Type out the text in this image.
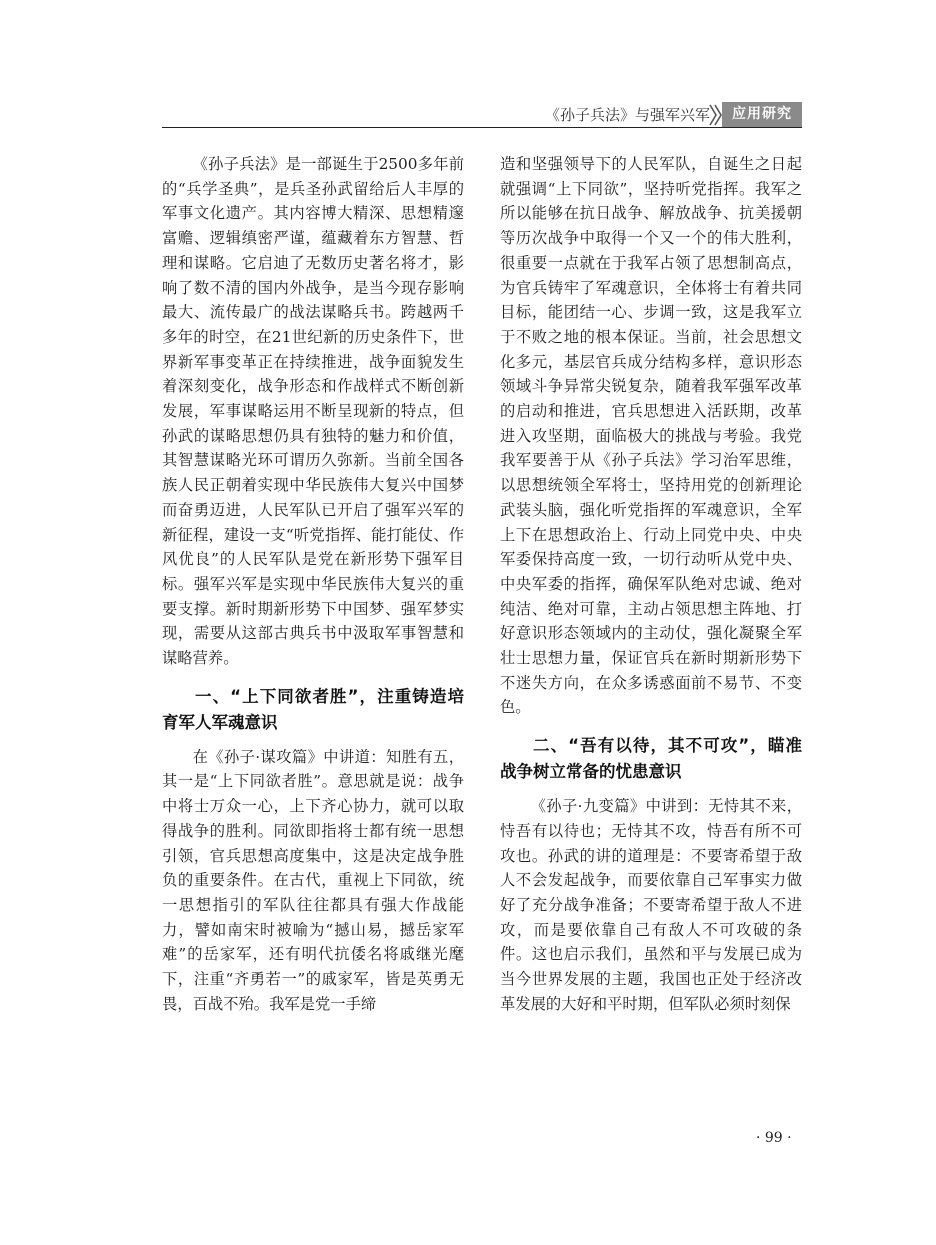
《孙子兵法》与强军兴军	应用研究

《孙子兵法》是一部诞生于2500多年前的“兵学圣典”，是兵圣孙武留给后人丰厚的军事文化遗产。其内容博大精深、思想精邃富赡、逻辑缜密严谨，蕴藏着东方智慧、哲理和谋略。它启迪了无数历史著名将才，影响了数不清的国内外战争，是当今现存影响最大、流传最广的战法谋略兵书。跨越两千多年的时空，在21世纪新的历史条件下，世界新军事变革正在持续推进，战争面貌发生着深刻变化，战争形态和作战样式不断创新发展，军事谋略运用不断呈现新的特点，但孙武的谋略思想仍具有独特的魅力和价值，其智慧谋略光环可谓历久弥新。当前全国各族人民正朝着实现中华民族伟大复兴中国梦而奋勇迈进，人民军队已开启了强军兴军的新征程，建设一支“听党指挥、能打能仗、作风优良”的人民军队是党在新形势下强军目标。强军兴军是实现中华民族伟大复兴的重要支撑。新时期新形势下中国梦、强军梦实现，需要从这部古典兵书中汲取军事智慧和谋略营养。

一、“上下同欲者胜”，注重铸造培育军人军魂意识

在《孙子·谋攻篇》中讲道：知胜有五，其一是“上下同欲者胜”。意思就是说：战争中将士万众一心，上下齐心协力，就可以取得战争的胜利。同欲即指将士都有统一思想引领，官兵思想高度集中，这是决定战争胜负的重要条件。在古代，重视上下同欲，统一思想指引的军队往往都具有强大作战能力，譬如南宋时被喻为“撼山易，撼岳家军难”的岳家军，还有明代抗倭名将戚继光麾下，注重“齐勇若一”的戚家军，皆是英勇无畏，百战不殆。我军是党一手缔

造和坚强领导下的人民军队，自诞生之日起就强调“上下同欲”，坚持听党指挥。我军之所以能够在抗日战争、解放战争、抗美援朝等历次战争中取得一个又一个的伟大胜利，很重要一点就在于我军占领了思想制高点，为官兵铸牢了军魂意识，全体将士有着共同目标，能团结一心、步调一致，这是我军立于不败之地的根本保证。当前，社会思想文化多元，基层官兵成分结构多样，意识形态领域斗争异常尖锐复杂，随着我军强军改革的启动和推进，官兵思想进入活跃期，改革进入攻坚期，面临极大的挑战与考验。我党我军要善于从《孙子兵法》学习治军思维，以思想统领全军将士，坚持用党的创新理论武装头脑，强化听党指挥的军魂意识，全军上下在思想政治上、行动上同党中央、中央军委保持高度一致，一切行动听从党中央、中央军委的指挥，确保军队绝对忠诚、绝对纯洁、绝对可靠，主动占领思想主阵地、打好意识形态领域内的主动仗，强化凝聚全军壮士思想力量，保证官兵在新时期新形势下不迷失方向，在众多诱惑面前不易节、不变色。

二、“吾有以待，其不可攻”，瞄准战争树立常备的忧患意识

《孙子·九变篇》中讲到：无恃其不来，恃吾有以待也；无恃其不攻，恃吾有所不可攻也。孙武的讲的道理是：不要寄希望于敌人不会发起战争，而要依靠自己军事实力做好了充分战争准备；不要寄希望于敌人不进攻，而是要依靠自己有敌人不可攻破的条件。这也启示我们，虽然和平与发展已成为当今世界发展的主题，我国也正处于经济改革发展的大好和平时期，但军队必须时刻保

· 99 ·
